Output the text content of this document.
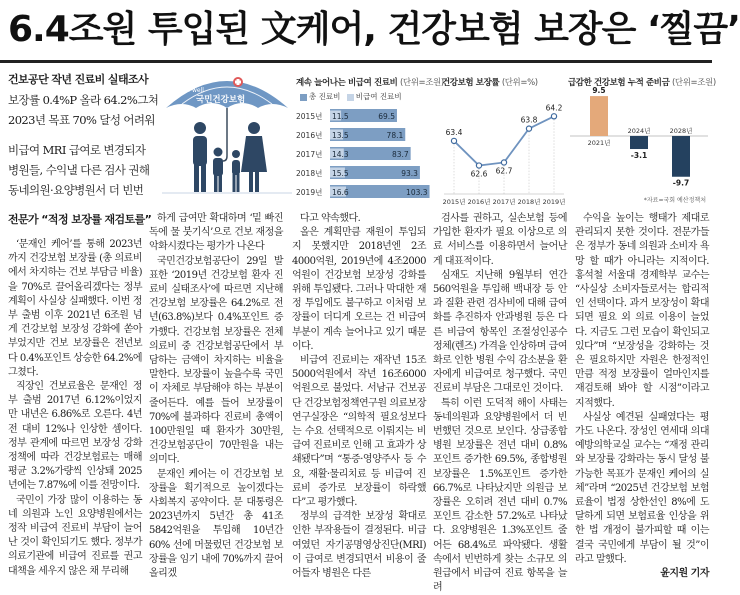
6.4조원 투입된 文케어, 건강보험 보장은 ‘찔끔’

건보공단 작년 진료비 실태조사

보장률 0.4%P 올라 64.2%그쳐

2023년 목표 70% 달성 어려워

비급여 MRI 급여로 변경되자

병원들, 수익낼 다른 검사 권해

동네의원·요양병원서 더 빈번

전문가 “적정 보장률 재검토를”

h-well
국민건강보험
계속 늘어나는 비급여 진료비 (단위=조원)
총 진료비 비급여 진료비
2015년 11.5	69.5
2016년 13.5	78.1
2017년 14.3	83.7
2018년 15.5	93.3
2019년 16.6	103.3
건강보험 보장률 (단위=%)
63.4
2015년
62.6
2016년
62.7
2017년
63.8
2018년
64.2
2019년
급감한 건강보험 누적 준비금 (단위=조원)
9.5
2021년
-3.1
2024년
-9.7
2028년
*자료=국회 예산정책처

‘문재인 케어’를 통해 2023년까지 건강보험 보장률 (총 의료비에서 차지하는 건보 부담금 비율)을 70%로 끌어올리겠다는 정부 계획이 사실상 실패했다. 이번 정부 출범 이후 2021년 6조원 넘게 건강보험 보장성 강화에 쏟아부었지만 건보 보장률은 전년보다 0.4%포인트 상승한 64.2%에 그쳤다.

직장인 건보료율은 문재인 정부 출범 2017년 6.12%이었지만 내년은 6.86%로 오른다. 4년 전 대비 12%나 인상한 셈이다. 정부 관계에 따르면 보장성 강화 정책에 따라 건강보험료는 매해 평균 3.2%가량씩 인상돼 2025년에는 7.87%에 이를 전망이다.

국민이 가장 많이 이용하는 동네 의원과 노인 요양병원에서는 정작 비급여 진료비 부담이 늘어난 것이 확인되기도 했다. 정부가 의료기관에 비급여 진료를 권고 대책을 세우지 않은 채 무리해

하게 급여만 확대하며 ‘밑 빠진 독에 물 붓기식’으로 건보 재정을 악화시켰다는 평가가 나온다

국민건강보험공단이 29일 발표한 ‘2019년 건강보험 환자 진료비 실태조사’에 따르면 지난해 건강보험 보장률은 64.2%로 전년(63.8%)보다 0.4%포인트 증가했다. 건강보험 보장률은 전체 의료비 중 건강보험공단에서 부담하는 금액이 차지하는 비율을 말한다. 보장률이 높을수록 국민이 자체로 부담해야 하는 부분이 줄어든다. 예를 들어 보장률이 70%에 불과하다 진료비 총액이 100만원일 때 환자가 30만원, 건강보험공단이 70만원을 내는 의미다.

문재인 케어는 이 건강보험 보장률을 획기적으로 높이겠다는 사회복지 공약이다. 문 대통령은 2023년까지 5년간 총 41조5842억원을 투입해 10년간 60% 선에 머물렀던 건강보험 보장률을 임기 내에 70%까지 끌어올리겠

다고 약속했다.

올은 계획만큼 재원이 투입되지 못했지만 2018년엔 2조4000억원, 2019년에 4조2000억원이 건강보험 보장성 강화를 위해 투입됐다. 그러나 막대한 재정 투입에도 불구하고 이처럼 보장률이 더디게 오르는 건 비급여 부분이 계속 늘어나고 있기 때문이다.

비급여 진료비는 재작년 15조5000억원에서 작년 16조6000억원으로 불었다. 서남규 건보공단 건강보험정책연구원 의료보장연구실장은 “의학적 필요성보다는 수요 선택적으로 이뤄지는 비급여 진료비로 인해 고 효과가 상쇄됐다”며 “통증·영양주사 등 수요, 재활·물리치료 등 비급여 진료비 증가로 보장률이 하락했다”고 평가했다.

정부의 급격한 보장성 확대로 인한 부작용들이 결정된다. 비급여였던 자기공명영상진단(MRI) 이 급여로 변경되면서 비용이 줄어들자 병원은 다른

검사를 권하고, 실손보험 등에 가입한 환자가 필요 이상으로 의료 서비스를 이용하면서 늘어난 게 대표적이다.

심재도 지난해 9월부터 연간 560억원을 투입해 백내장 등 안과 질환 관련 검사비에 대해 급여화를 추진하자 안과병원 등은 다른 비급여 항목인 조절성인공수정체(렌즈) 가격을 인상하며 급여화로 인한 병원 수익 감소분을 환자에게 비급여로 청구했다. 국민 진료비 부담은 그대로인 것이다.

특히 이런 도덕적 해이 사태는 동네의원과 요양병원에서 더 빈번했던 것으로 보인다. 상급종합병원 보장률은 전년 대비 0.8%포인트 증가한 69.5%, 종합병원 보장률은 1.5%포인트 증가한 66.7%로 나타났지만 의원급 보장률은 오히려 전년 대비 0.7%포인트 감소한 57.2%로 나타났다. 요양병원은 1.3%포인트 줄어든 68.4%로 파악됐다. 생활 속에서 빈번하게 찾는 소규모 의원급에서 비급여 진료 항목을 늘려

수익을 높이는 행태가 제대로 관리되지 못한 것이다. 전문가들은 정부가 동네 의원과 소비자 욕망 할 때가 아니라는 지적이다. 홍석철 서울대 경제학부 교수는 “사실상 소비자들로서는 합리적인 선택이다. 과거 보장성이 확대되면 필요 외 의료 이용이 늘었다. 지금도 그런 모습이 확인되고 있다”며 “보장성을 강화하는 것은 필요하지만 자원은 한정적인 만큼 적정 보장률이 얼마인지를 재검토해 봐야 할 시점”이라고 지적했다.

사실상 예견된 실패였다는 평가도 나온다. 장성인 연세대 의대 예방의학교실 교수는 “재정 관리와 보장률 강화라는 동시 달성 불가능한 목표가 문재인 케어의 실체”라며 “2025년 건강보험 보험료율이 법정 상한선인 8%에 도달하게 되면 보험료율 인상을 위한 법 개정이 불가피할 때 이는 결국 국민에게 부담이 될 것”이라고 말했다.

윤지원 기자
